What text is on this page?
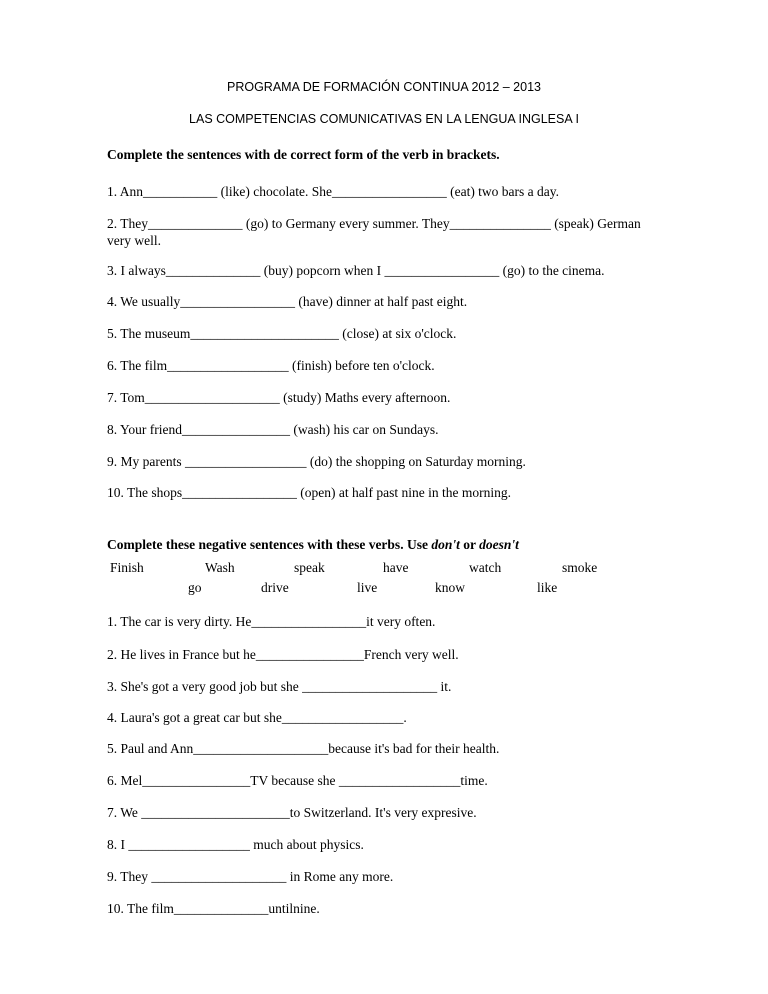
PROGRAMA DE FORMACIÓN CONTINUA 2012 – 2013
LAS COMPETENCIAS COMUNICATIVAS EN LA LENGUA INGLESA I
Complete the sentences with de correct form of the verb in brackets.
1. Ann___________ (like) chocolate. She_________________ (eat) two bars a day.
2. They______________ (go) to Germany every summer. They_______________ (speak) German very well.
3. I always______________ (buy) popcorn when I _________________ (go) to the cinema.
4. We usually_________________ (have) dinner at half past eight.
5. The museum______________________ (close) at six o'clock.
6. The film__________________ (finish) before ten o'clock.
7. Tom____________________ (study) Maths every afternoon.
8. Your friend________________ (wash) his car on Sundays.
9. My parents __________________ (do) the shopping on Saturday morning.
10. The shops_________________ (open) at half past nine in the morning.
Complete these negative sentences with these verbs. Use don't or doesn't
Finish	Wash	speak	have	watch	smoke
go	drive	live	know	like
1. The car is very dirty. He_________________it very often.
2. He lives in France but he________________French very well.
3. She's got a very good job but she ____________________ it.
4. Laura's got a great car but she__________________.
5. Paul and Ann____________________because it's bad for their health.
6. Mel________________TV because she __________________time.
7. We ______________________to Switzerland. It's very expresive.
8. I __________________ much about physics.
9. They ____________________ in Rome any more.
10. The film______________untilnine.
